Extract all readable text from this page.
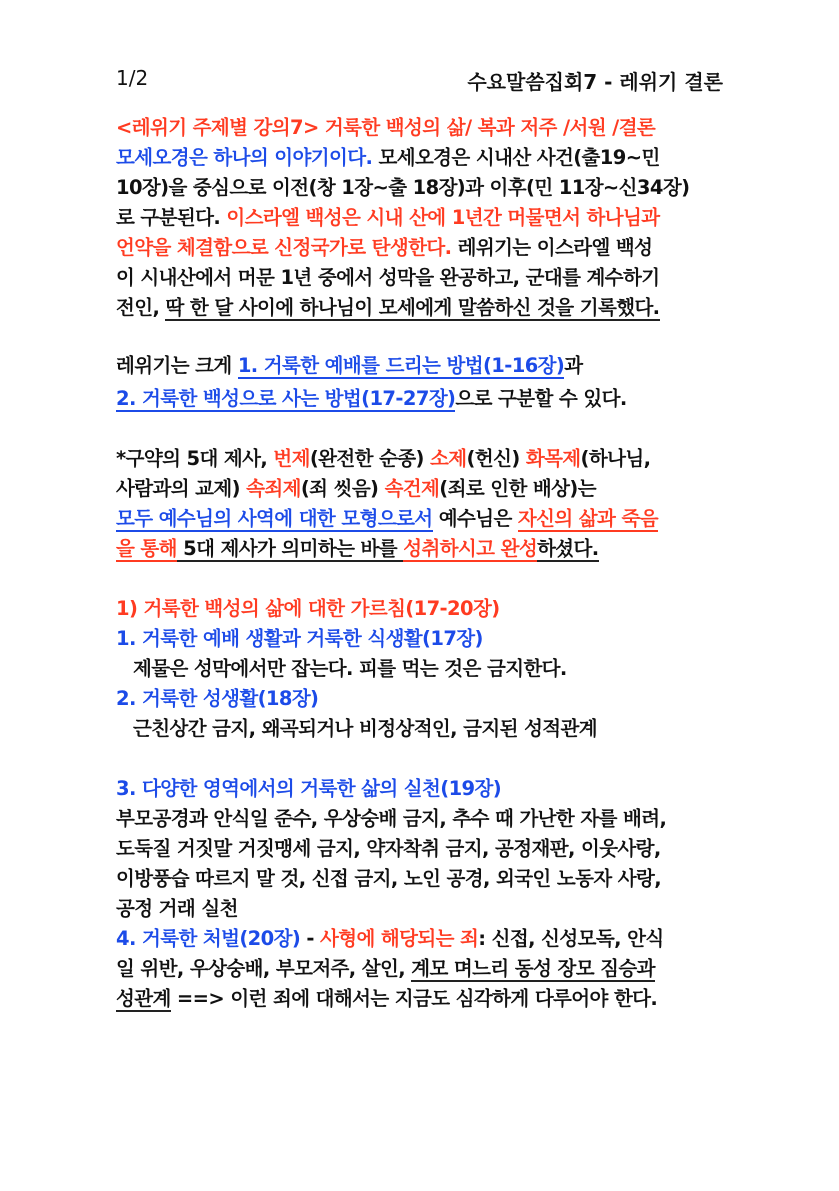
1/2	수요말씀집회7 - 레위기 결론
<레위기 주제별 강의7> 거룩한 백성의 삶/ 복과 저주 /서원 /결론
모세오경은 하나의 이야기이다. 모세오경은 시내산 사건(출19~민
10장)을 중심으로 이전(창 1장~출 18장)과 이후(민 11장~신34장)
로 구분된다. 이스라엘 백성은 시내 산에 1년간 머물면서 하나님과
언약을 체결함으로 신정국가로 탄생한다. 레위기는 이스라엘 백성
이 시내산에서 머문 1년 중에서 성막을 완공하고, 군대를 계수하기
전인, 딱 한 달 사이에 하나님이 모세에게 말씀하신 것을 기록했다.
레위기는 크게 1. 거룩한 예배를 드리는 방법(1-16장)과
2. 거룩한 백성으로 사는 방법(17-27장)으로 구분할 수 있다.
*구약의 5대 제사, 번제(완전한 순종) 소제(헌신) 화목제(하나님,
사람과의 교제) 속죄제(죄 씻음) 속건제(죄로 인한 배상)는
모두 예수님의 사역에 대한 모형으로서 예수님은 자신의 삶과 죽음
을 통해 5대 제사가 의미하는 바를 성취하시고 완성하셨다.
1) 거룩한 백성의 삶에 대한 가르침(17-20장)
1. 거룩한 예배 생활과 거룩한 식생활(17장)
제물은 성막에서만 잡는다. 피를 먹는 것은 금지한다.
2. 거룩한 성생활(18장)
근친상간 금지, 왜곡되거나 비정상적인, 금지된 성적관계
3. 다양한 영역에서의 거룩한 삶의 실천(19장)
부모공경과 안식일 준수, 우상숭배 금지, 추수 때 가난한 자를 배려,
도둑질 거짓말 거짓맹세 금지, 약자착취 금지, 공정재판, 이웃사랑,
이방풍습 따르지 말 것, 신접 금지, 노인 공경, 외국인 노동자 사랑,
공정 거래 실천
4. 거룩한 처벌(20장) - 사형에 해당되는 죄: 신접, 신성모독, 안식
일 위반, 우상숭배, 부모저주, 살인, 계모 며느리 동성 장모 짐승과
성관계 ==> 이런 죄에 대해서는 지금도 심각하게 다루어야 한다.
